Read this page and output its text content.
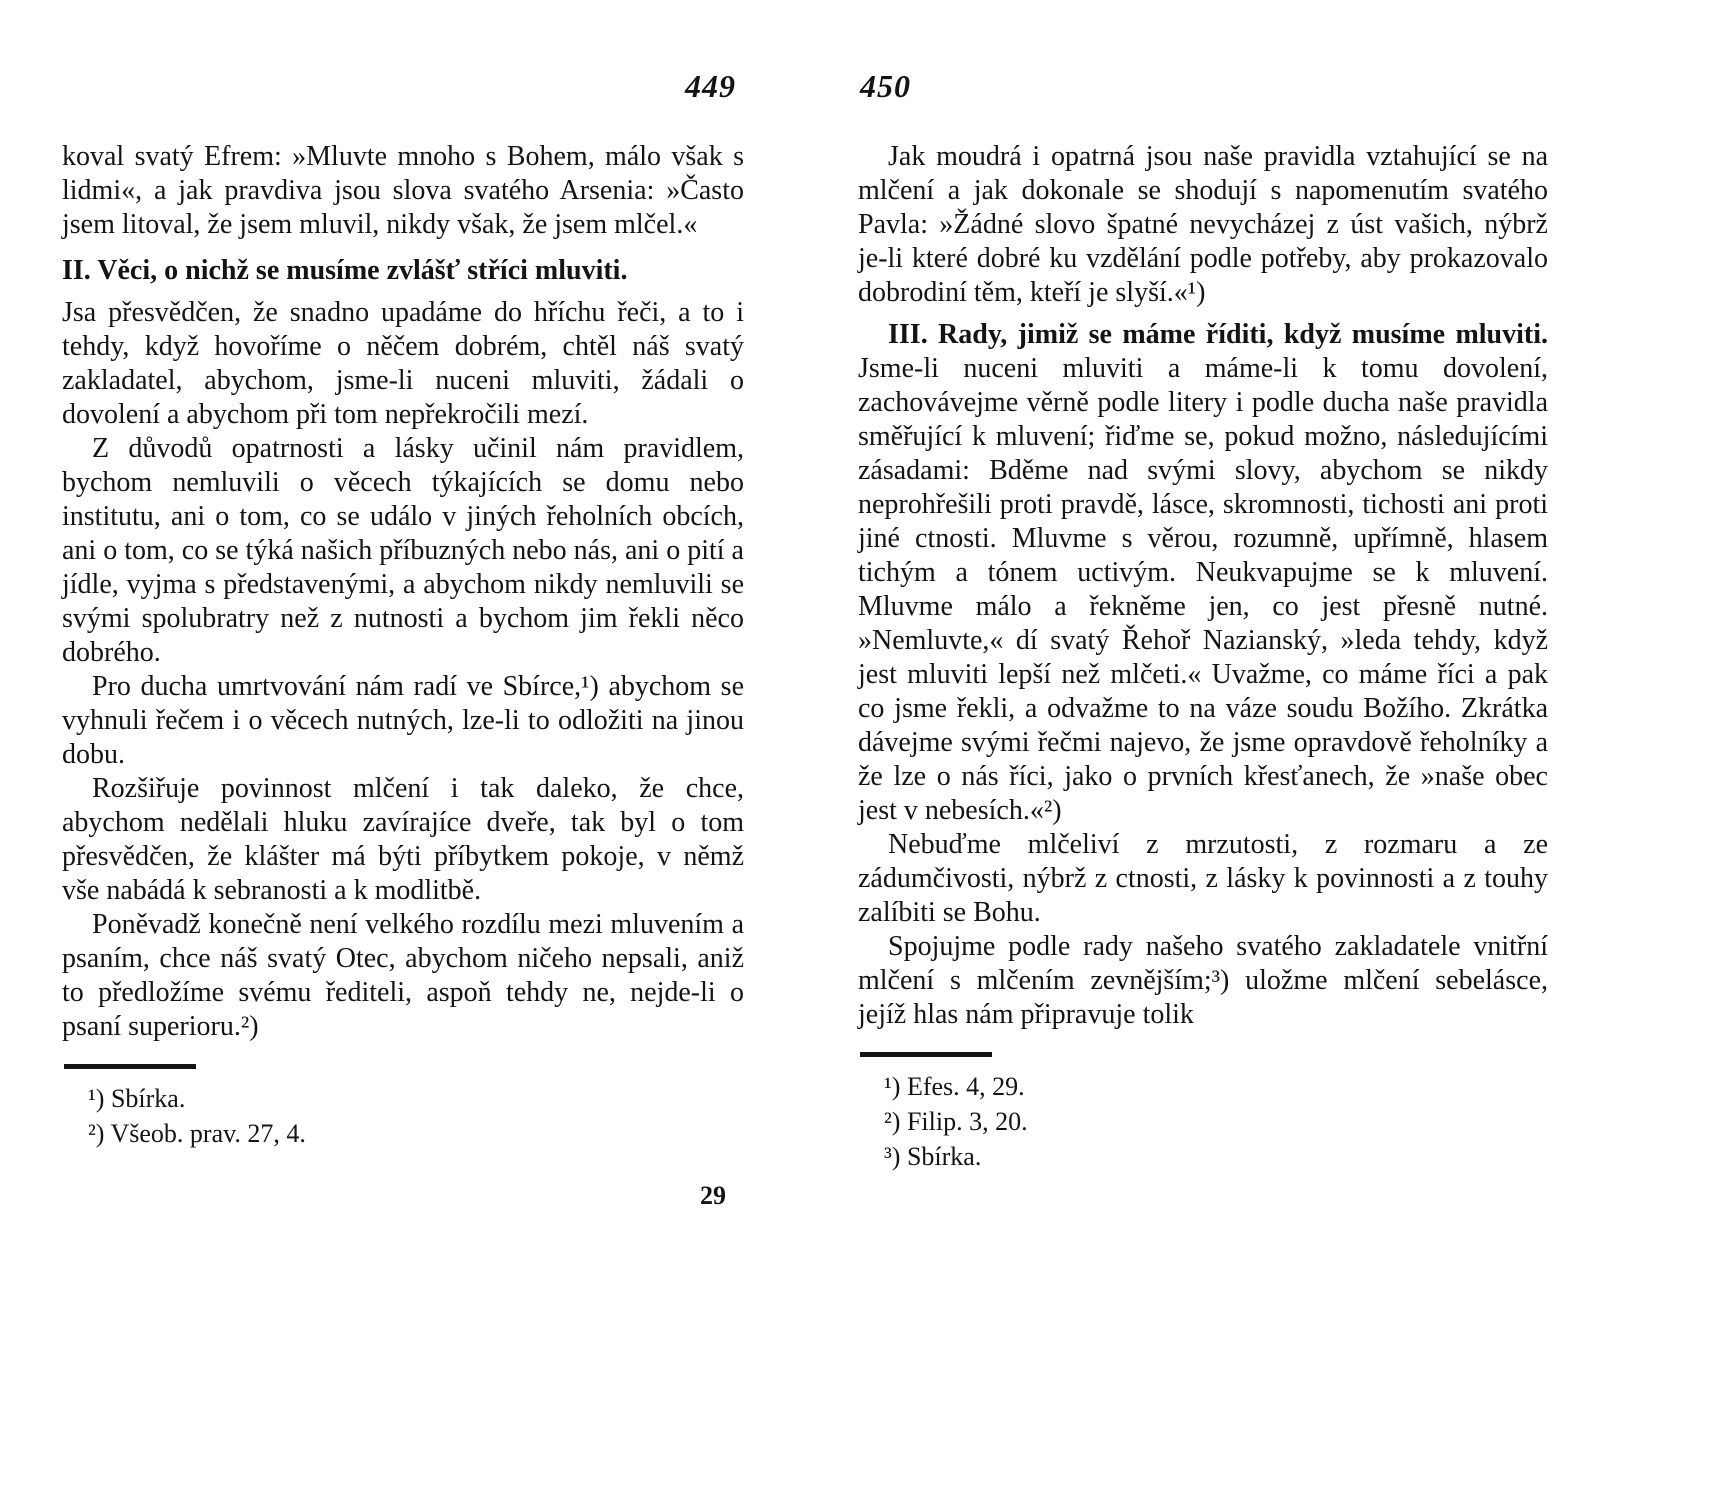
449

koval svatý Efrem: »Mluvte mnoho s Bohem, málo však s lidmi«, a jak pravdiva jsou slova svatého Arsenia: »Často jsem litoval, že jsem mluvil, nikdy však, že jsem mlčel.«

II. Věci, o nichž se musíme zvlášť stříci mluviti.

Jsa přesvědčen, že snadno upadáme do hříchu řeči, a to i tehdy, když hovoříme o něčem dobrém, chtěl náš svatý zakladatel, abychom, jsme-li nuceni mluviti, žádali o dovolení a abychom při tom nepřekročili mezí.

Z důvodů opatrnosti a lásky učinil nám pravidlem, bychom nemluvili o věcech týkajících se domu nebo institutu, ani o tom, co se událo v jiných řeholních obcích, ani o tom, co se týká našich příbuzných nebo nás, ani o pití a jídle, vyjma s představenými, a abychom nikdy nemluvili se svými spolubratry než z nutnosti a bychom jim řekli něco dobrého.

Pro ducha umrtvování nám radí ve Sbírce,¹) abychom se vyhnuli řečem i o věcech nutných, lze-li to odložiti na jinou dobu.

Rozšiřuje povinnost mlčení i tak daleko, že chce, abychom nedělali hluku zavírajíce dveře, tak byl o tom přesvědčen, že klášter má býti příbytkem pokoje, v němž vše nabádá k sebranosti a k modlitbě.

Poněvadž konečně není velkého rozdílu mezi mluvením a psaním, chce náš svatý Otec, abychom ničeho nepsali, aniž to předložíme svému řediteli, aspoň tehdy ne, nejde-li o psaní superioru.²)

¹) Sbírka.

²) Všeob. prav. 27, 4.

29
450

Jak moudrá i opatrná jsou naše pravidla vztahující se na mlčení a jak dokonale se shodují s napomenutím svatého Pavla: »Žádné slovo špatné nevycházej z úst vašich, nýbrž je-li které dobré ku vzdělání podle potřeby, aby prokazovalo dobrodiní těm, kteří je slyší.«¹)

III. Rady, jimiž se máme říditi, když musíme mluviti. Jsme-li nuceni mluviti a máme-li k tomu dovolení, zachovávejme věrně podle litery i podle ducha naše pravidla směřující k mluvení; řiďme se, pokud možno, následujícími zásadami: Bděme nad svými slovy, abychom se nikdy neprohřešili proti pravdě, lásce, skromnosti, tichosti ani proti jiné ctnosti. Mluvme s věrou, rozumně, upřímně, hlasem tichým a tónem uctivým. Neukvapujme se k mluvení. Mluvme málo a řekněme jen, co jest přesně nutné. »Nemluvte,« dí svatý Řehoř Nazianský, »leda tehdy, když jest mluviti lepší než mlčeti.« Uvažme, co máme říci a pak co jsme řekli, a odvažme to na váze soudu Božího. Zkrátka dávejme svými řečmi najevo, že jsme opravdově řeholníky a že lze o nás říci, jako o prvních křesťanech, že »naše obec jest v nebesích.«²)

Nebuďme mlčeliví z mrzutosti, z rozmaru a ze zádumčivosti, nýbrž z ctnosti, z lásky k povinnosti a z touhy zalíbiti se Bohu.

Spojujme podle rady našeho svatého zakladatele vnitřní mlčení s mlčením zevnějším;³) uložme mlčení sebelásce, jejíž hlas nám připravuje tolik

¹) Efes. 4, 29.

²) Filip. 3, 20.

³) Sbírka.
